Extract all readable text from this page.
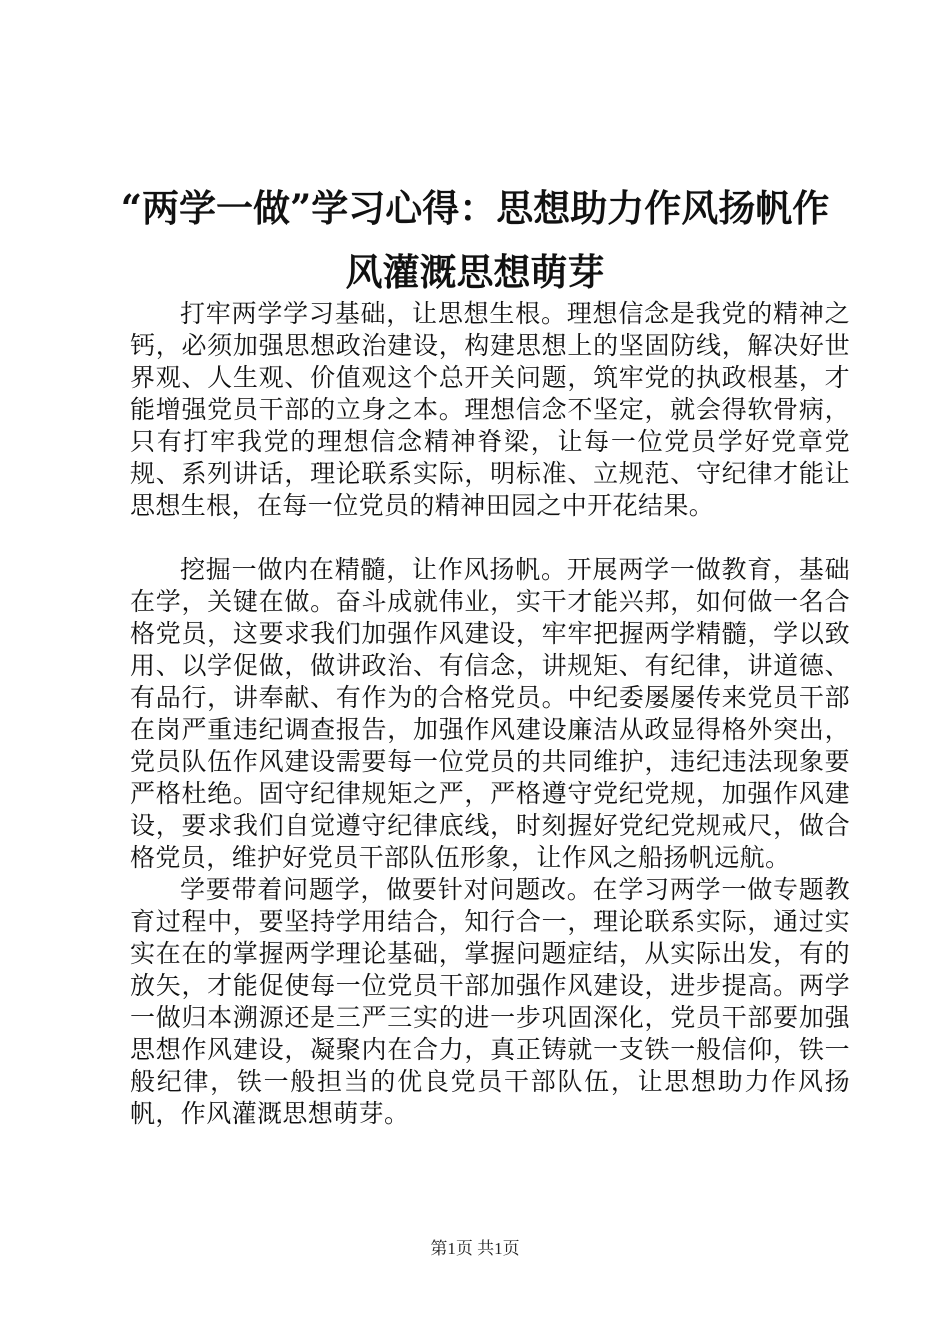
“两学一做”学习心得：思想助力作风扬帆作
风灌溉思想萌芽

打牢两学学习基础，让思想生根。理想信念是我党的精神之钙，必须加强思想政治建设，构建思想上的坚固防线，解决好世界观、人生观、价值观这个总开关问题，筑牢党的执政根基，才能增强党员干部的立身之本。理想信念不坚定，就会得软骨病，只有打牢我党的理想信念精神脊梁，让每一位党员学好党章党规、系列讲话，理论联系实际，明标准、立规范、守纪律才能让思想生根，在每一位党员的精神田园之中开花结果。

挖掘一做内在精髓，让作风扬帆。开展两学一做教育，基础在学，关键在做。奋斗成就伟业，实干才能兴邦，如何做一名合格党员，这要求我们加强作风建设，牢牢把握两学精髓，学以致用、以学促做，做讲政治、有信念，讲规矩、有纪律，讲道德、有品行，讲奉献、有作为的合格党员。中纪委屡屡传来党员干部在岗严重违纪调查报告，加强作风建设廉洁从政显得格外突出，党员队伍作风建设需要每一位党员的共同维护，违纪违法现象要严格杜绝。固守纪律规矩之严，严格遵守党纪党规，加强作风建设，要求我们自觉遵守纪律底线，时刻握好党纪党规戒尺，做合格党员，维护好党员干部队伍形象，让作风之船扬帆远航。

学要带着问题学，做要针对问题改。在学习两学一做专题教育过程中，要坚持学用结合，知行合一，理论联系实际，通过实实在在的掌握两学理论基础，掌握问题症结，从实际出发，有的放矢，才能促使每一位党员干部加强作风建设，进步提高。两学一做归本溯源还是三严三实的进一步巩固深化，党员干部要加强思想作风建设，凝聚内在合力，真正铸就一支铁一般信仰，铁一般纪律，铁一般担当的优良党员干部队伍，让思想助力作风扬帆，作风灌溉思想萌芽。

第1页 共1页
